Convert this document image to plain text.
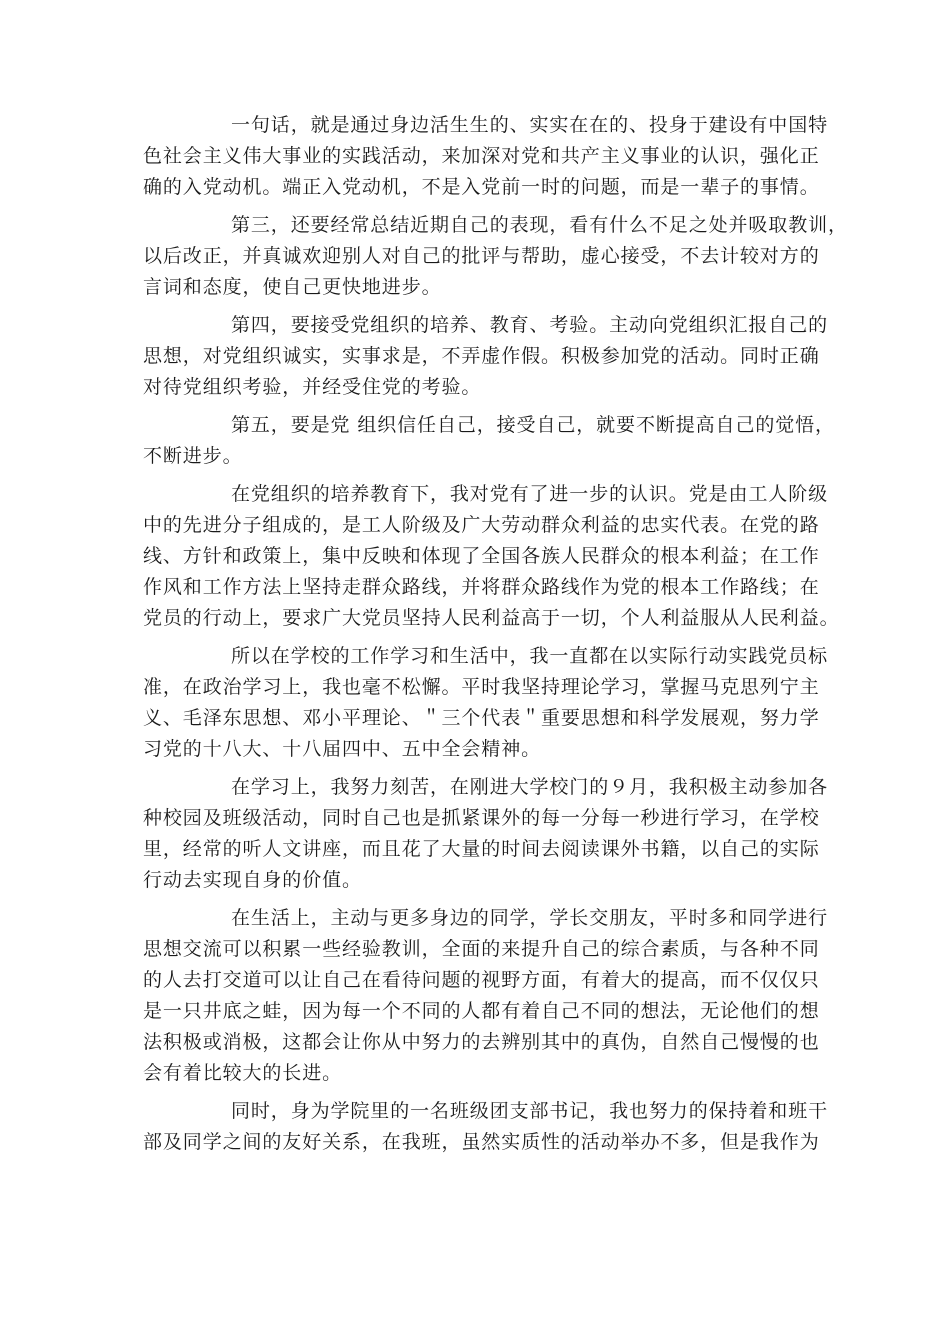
一句话，就是通过身边活生生的、实实在在的、投身于建设有中国特
色社会主义伟大事业的实践活动，来加深对党和共产主义事业的认识，强化正
确的入党动机。端正入党动机，不是入党前一时的问题，而是一辈子的事情。
第三，还要经常总结近期自己的表现，看有什么不足之处并吸取教训，
以后改正，并真诚欢迎别人对自己的批评与帮助，虚心接受，不去计较对方的
言词和态度，使自己更快地进步。
第四，要接受党组织的培养、教育、考验。主动向党组织汇报自己的
思想，对党组织诚实，实事求是，不弄虚作假。积极参加党的活动。同时正确
对待党组织考验，并经受住党的考验。
第五，要是党 组织信任自己，接受自己，就要不断提高自己的觉悟，
不断进步。
在党组织的培养教育下，我对党有了进一步的认识。党是由工人阶级
中的先进分子组成的，是工人阶级及广大劳动群众利益的忠实代表。在党的路
线、方针和政策上，集中反映和体现了全国各族人民群众的根本利益；在工作
作风和工作方法上坚持走群众路线，并将群众路线作为党的根本工作路线；在
党员的行动上，要求广大党员坚持人民利益高于一切，个人利益服从人民利益。
所以在学校的工作学习和生活中，我一直都在以实际行动实践党员标
准，在政治学习上，我也毫不松懈。平时我坚持理论学习，掌握马克思列宁主
义、毛泽东思想、邓小平理论、＂三个代表＂重要思想和科学发展观，努力学
习党的十八大、十八届四中、五中全会精神。
在学习上，我努力刻苦，在刚进大学校门的９月，我积极主动参加各
种校园及班级活动，同时自己也是抓紧课外的每一分每一秒进行学习，在学校
里，经常的听人文讲座，而且花了大量的时间去阅读课外书籍，以自己的实际
行动去实现自身的价值。
在生活上，主动与更多身边的同学，学长交朋友，平时多和同学进行
思想交流可以积累一些经验教训，全面的来提升自己的综合素质，与各种不同
的人去打交道可以让自己在看待问题的视野方面，有着大的提高，而不仅仅只
是一只井底之蛙，因为每一个不同的人都有着自己不同的想法，无论他们的想
法积极或消极，这都会让你从中努力的去辨别其中的真伪，自然自己慢慢的也
会有着比较大的长进。
同时，身为学院里的一名班级团支部书记，我也努力的保持着和班干
部及同学之间的友好关系，在我班，虽然实质性的活动举办不多，但是我作为
